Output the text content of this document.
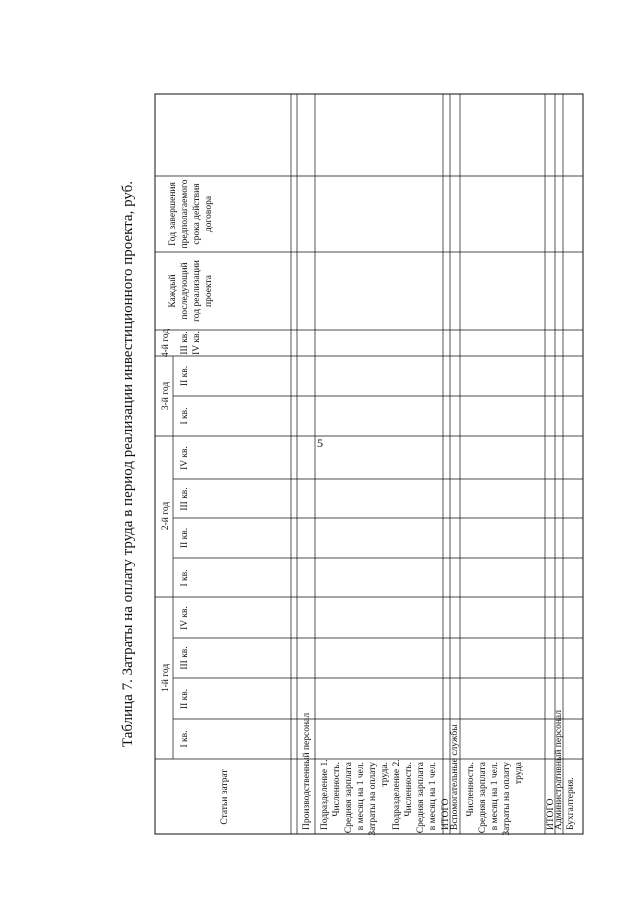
5
Таблица 7. Затраты на оплату труда в период реализации инвестиционного проекта, руб.
Статьи затрат
1-й год
2-й год
3-й год
4-й год
I кв.
II кв.
III кв.
IV кв.
I кв.
II кв.
III кв.
IV кв.
I кв.
II кв.
III кв. IV кв.
Каждый последующий год реализации проекта
Год завершения предполагаемого срока действия договора
Производственный персонал Подразделение 1. Численность. Средняя зарплата в месяц на 1 чел. Затраты на оплату труда. Подразделение 2. Численность. Средняя зарплата в месяц на 1 чел. ИТОГО Вспомогательные службы Численность. Средняя зарплата в месяц на 1 чел. Затраты на оплату труда
ИТОГО
Административный персонал Бухгалтерия.
